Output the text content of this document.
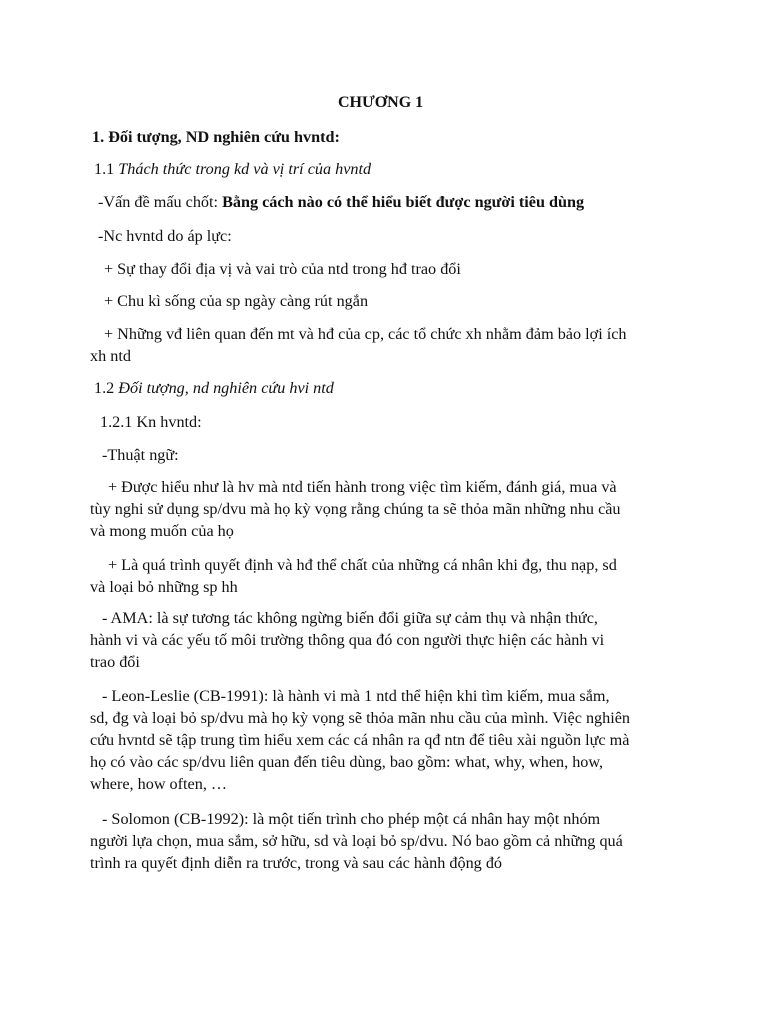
CHƯƠNG 1
1. Đối tượng, ND nghiên cứu hvntd:
1.1 Thách thức trong kd và vị trí của hvntd
-Vấn đề mấu chốt: Bằng cách nào có thể hiểu biết được người tiêu dùng
-Nc hvntd do áp lực:
+ Sự thay đổi địa vị và vai trò của ntd trong hđ trao đổi
+ Chu kì sống của sp ngày càng rút ngắn
+ Những vđ liên quan đến mt và hđ của cp, các tổ chức xh nhằm đảm bảo lợi ích
xh ntd
1.2 Đối tượng, nd nghiên cứu hvi ntd
1.2.1 Kn hvntd:
-Thuật ngữ:
+ Được hiểu như là hv mà ntd tiến hành trong việc tìm kiếm, đánh giá, mua và
tùy nghi sử dụng sp/dvu mà họ kỳ vọng rằng chúng ta sẽ thỏa mãn những nhu cầu
và mong muốn của họ
+ Là quá trình quyết định và hđ thể chất của những cá nhân khi đg, thu nạp, sd
và loại bỏ những sp hh
- AMA: là sự tương tác không ngừng biến đổi giữa sự cảm thụ và nhận thức,
hành vi và các yếu tố môi trường thông qua đó con người thực hiện các hành vi
trao đổi
- Leon-Leslie (CB-1991): là hành vi mà 1 ntd thể hiện khi tìm kiếm, mua sắm,
sd, đg và loại bỏ sp/dvu mà họ kỳ vọng sẽ thỏa mãn nhu cầu của mình. Việc nghiên
cứu hvntd sẽ tập trung tìm hiểu xem các cá nhân ra qđ ntn để tiêu xài nguồn lực mà
họ có vào các sp/dvu liên quan đến tiêu dùng, bao gồm: what, why, when, how,
where, how often, …
- Solomon (CB-1992): là một tiến trình cho phép một cá nhân hay một nhóm
người lựa chọn, mua sắm, sở hữu, sd và loại bỏ sp/dvu. Nó bao gồm cả những quá
trình ra quyết định diễn ra trước, trong và sau các hành động đó
